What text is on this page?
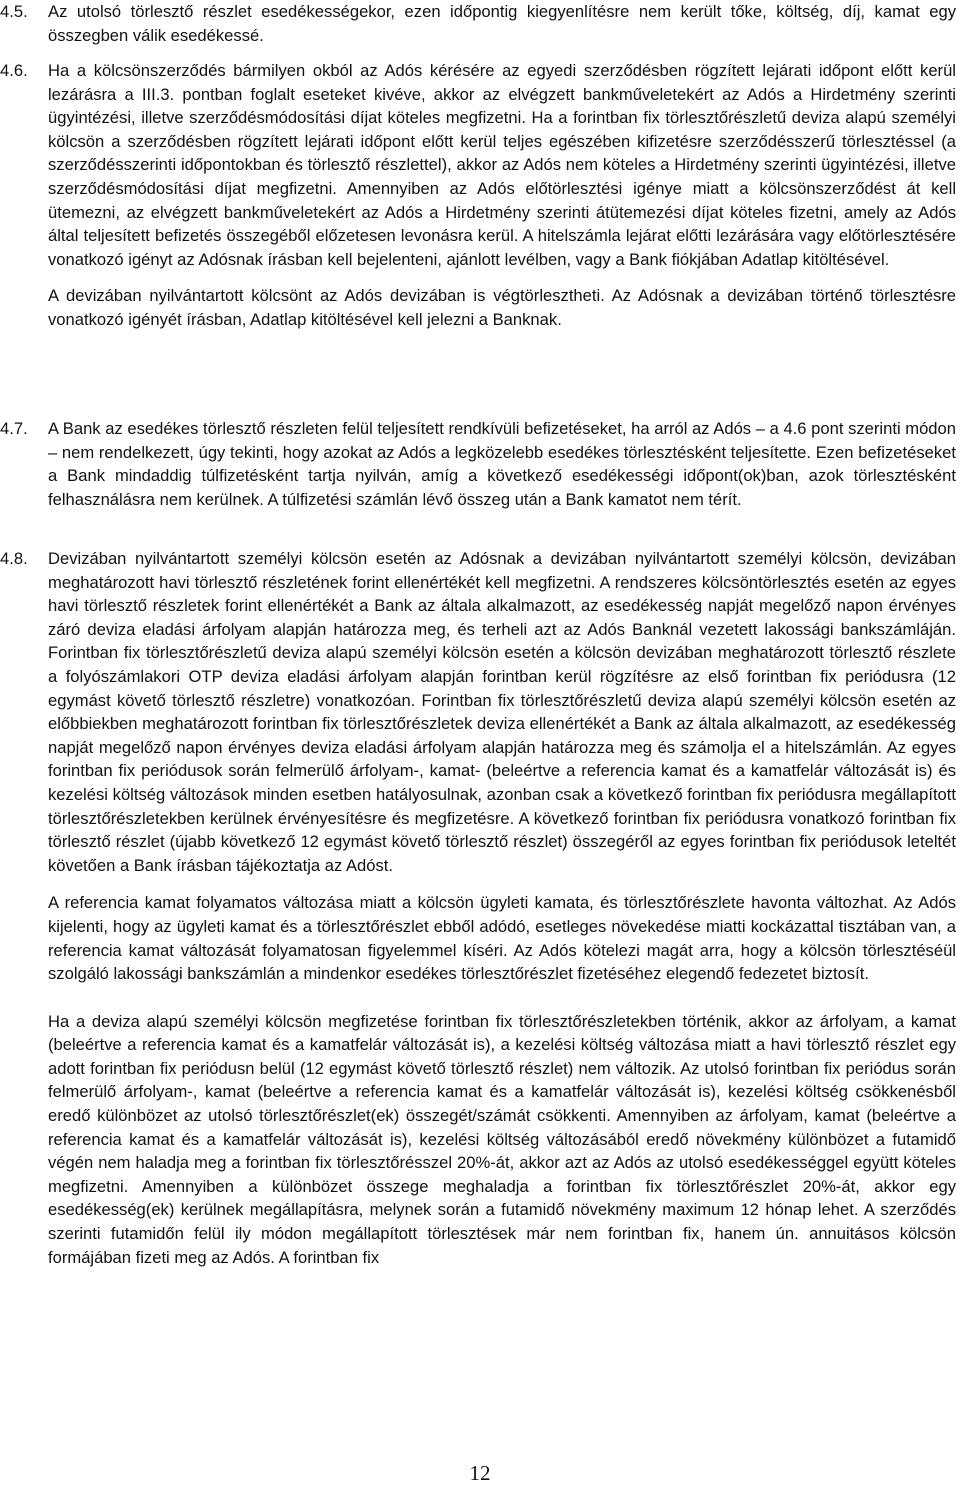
4.5.	Az utolsó törlesztő részlet esedékességekor, ezen időpontig kiegyenlítésre nem került tőke, költség, díj, kamat egy összegben válik esedékessé.

4.6.	Ha a kölcsönszerződés bármilyen okból az Adós kérésére az egyedi szerződésben rögzített lejárati időpont előtt kerül lezárásra a III.3. pontban foglalt eseteket kivéve, akkor az elvégzett bankműveletekért az Adós a Hirdetmény szerinti ügyintézési, illetve szerződésmódosítási díjat köteles megfizetni. Ha a forintban fix törlesztőrészletű deviza alapú személyi kölcsön a szerződésben rögzített lejárati időpont előtt kerül teljes egészében kifizetésre szerződésszerű törlesztéssel (a szerződésszerinti időpontokban és törlesztő részlettel), akkor az Adós nem köteles a Hirdetmény szerinti ügyintézési, illetve szerződésmódosítási díjat megfizetni. Amennyiben az Adós előtörlesztési igénye miatt a kölcsönszerződést át kell ütemezni, az elvégzett bankműveletekért az Adós a Hirdetmény szerinti átütemezési díjat köteles fizetni, amely az Adós által teljesített befizetés összegéből előzetesen levonásra kerül. A hitelszámla lejárat előtti lezárására vagy előtörlesztésére vonatkozó igényt az Adósnak írásban kell bejelenteni, ajánlott levélben, vagy a Bank fiókjában Adatlap kitöltésével.

A devizában nyilvántartott kölcsönt az Adós devizában is végtörlesztheti. Az Adósnak a devizában történő törlesztésre vonatkozó igényét írásban, Adatlap kitöltésével kell jelezni a Banknak.

4.7.	A Bank az esedékes törlesztő részleten felül teljesített rendkívüli befizetéseket, ha arról az Adós – a 4.6 pont szerinti módon – nem rendelkezett, úgy tekinti, hogy azokat az Adós a legközelebb esedékes törlesztésként teljesítette. Ezen befizetéseket a Bank mindaddig túlfizetésként tartja nyilván, amíg a következő esedékességi időpont(ok)ban, azok törlesztésként felhasználásra nem kerülnek. A túlfizetési számlán lévő összeg után a Bank kamatot nem térít.

4.8.	Devizában nyilvántartott személyi kölcsön esetén az Adósnak a devizában nyilvántartott személyi kölcsön, devizában meghatározott havi törlesztő részletének forint ellenértékét kell megfizetni. A rendszeres kölcsöntörlesztés esetén az egyes havi törlesztő részletek forint ellenértékét a Bank az általa alkalmazott, az esedékesség napját megelőző napon érvényes záró deviza eladási árfolyam alapján határozza meg, és terheli azt az Adós Banknál vezetett lakossági bankszámláján. Forintban fix törlesztőrészletű deviza alapú személyi kölcsön esetén a kölcsön devizában meghatározott törlesztő részlete a folyószámlakori OTP deviza eladási árfolyam alapján forintban kerül rögzítésre az első forintban fix periódusra (12 egymást követő törlesztő részletre) vonatkozóan. Forintban fix törlesztőrészletű deviza alapú személyi kölcsön esetén az előbbiekben meghatározott forintban fix törlesztőrészletek deviza ellenértékét a Bank az általa alkalmazott, az esedékesség napját megelőző napon érvényes deviza eladási árfolyam alapján határozza meg és számolja el a hitelszámlán. Az egyes forintban fix periódusok során felmerülő árfolyam-, kamat- (beleértve a referencia kamat és a kamatfelár változását is) és kezelési költség változások minden esetben hatályosulnak, azonban csak a következő forintban fix periódusra megállapított törlesztőrészletekben kerülnek érvényesítésre és megfizetésre. A következő forintban fix periódusra vonatkozó forintban fix törlesztő részlet (újabb következő 12 egymást követő törlesztő részlet) összegéről az egyes forintban fix periódusok leteltét követően a Bank írásban tájékoztatja az Adóst.

A referencia kamat folyamatos változása miatt a kölcsön ügyleti kamata, és törlesztőrészlete havonta változhat. Az Adós kijelenti, hogy az ügyleti kamat és a törlesztőrészlet ebből adódó, esetleges növekedése miatti kockázattal tisztában van, a referencia kamat változását folyamatosan figyelemmel kíséri. Az Adós kötelezi magát arra, hogy a kölcsön törlesztéséül szolgáló lakossági bankszámlán a mindenkor esedékes törlesztőrészlet fizetéséhez elegendő fedezetet biztosít.

Ha a deviza alapú személyi kölcsön megfizetése forintban fix törlesztőrészletekben történik, akkor az árfolyam, a kamat (beleértve a referencia kamat és a kamatfelár változását is), a kezelési költség változása miatt a havi törlesztő részlet egy adott forintban fix periódusn belül (12 egymást követő törlesztő részlet) nem változik. Az utolsó forintban fix periódus során felmerülő árfolyam-, kamat (beleértve a referencia kamat és a kamatfelár változását is), kezelési költség csökkenésből eredő különbözet az utolsó törlesztőrészlet(ek) összegét/számát csökkenti. Amennyiben az árfolyam, kamat (beleértve a referencia kamat és a kamatfelár változását is), kezelési költség változásából eredő növekmény különbözet a futamidő végén nem haladja meg a forintban fix törlesztőrésszel 20%-át, akkor azt az Adós az utolsó esedékességgel együtt köteles megfizetni. Amennyiben a különbözet összege meghaladja a forintban fix törlesztőrészlet 20%-át, akkor egy esedékesség(ek) kerülnek megállapításra, melynek során a futamidő növekmény maximum 12 hónap lehet. A szerződés szerinti futamidőn felül ily módon megállapított törlesztések már nem forintban fix, hanem ún. annuitásos kölcsön formájában fizeti meg az Adós. A forintban fix

12
